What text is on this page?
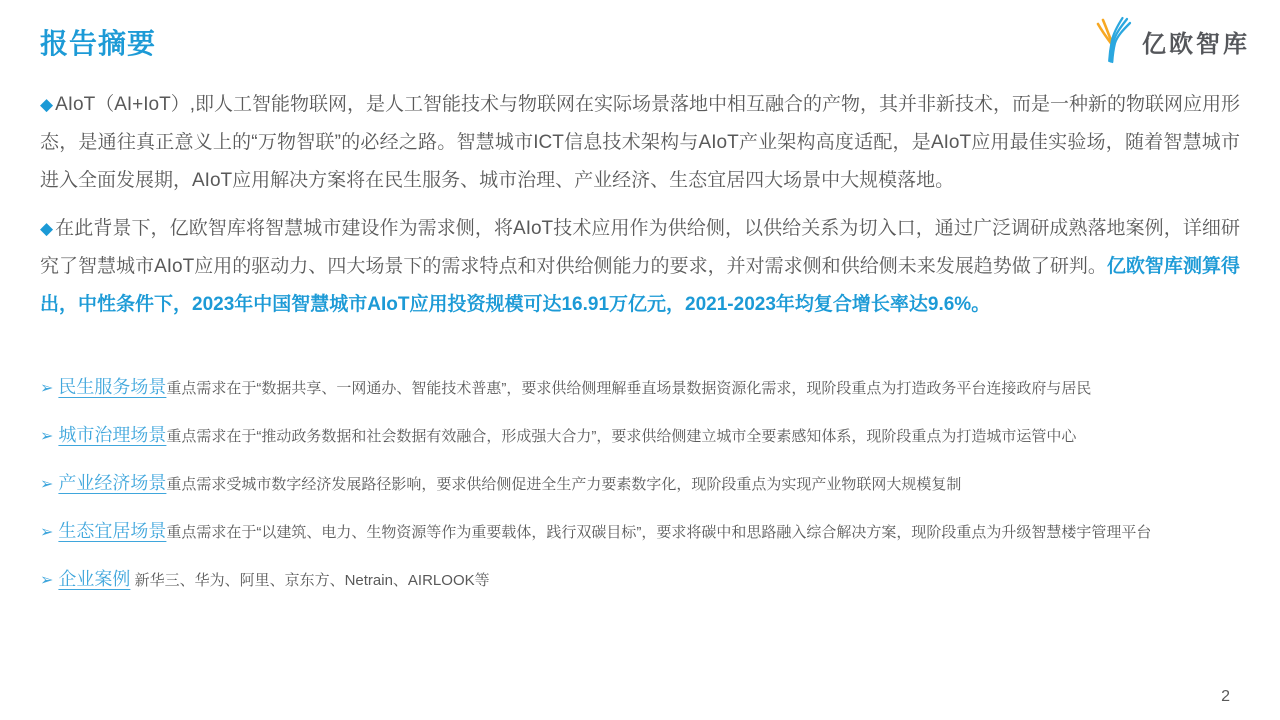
报告摘要	亿欧智库

◆ AIoT（AI+IoT）,即人工智能物联网，是人工智能技术与物联网在实际场景落地中相互融合的产物，其并非新技术，而是一种新的物联网应用形态，是通往真正意义上的“万物智联”的必经之路。智慧城市ICT信息技术架构与AIoT产业架构高度适配，是AIoT应用最佳实验场，随着智慧城市进入全面发展期，AIoT应用解决方案将在民生服务、城市治理、产业经济、生态宜居四大场景中大规模落地。

◆ 在此背景下，亿欧智库将智慧城市建设作为需求侧，将AIoT技术应用作为供给侧，以供给关系为切入口，通过广泛调研成熟落地案例，详细研究了智慧城市AIoT应用的驱动力、四大场景下的需求特点和对供给侧能力的要求，并对需求侧和供给侧未来发展趋势做了研判。亿欧智库测算得出，中性条件下，2023年中国智慧城市AIoT应用投资规模可达16.91万亿元，2021-2023年均复合增长率达9.6%。

➢ 民生服务场景重点需求在于“数据共享、一网通办、智能技术普惠”，要求供给侧理解垂直场景数据资源化需求，现阶段重点为打造政务平台连接政府与居民
➢ 城市治理场景重点需求在于“推动政务数据和社会数据有效融合，形成强大合力”，要求供给侧建立城市全要素感知体系，现阶段重点为打造城市运管中心
➢ 产业经济场景重点需求受城市数字经济发展路径影响，要求供给侧促进全生产力要素数字化，现阶段重点为实现产业物联网大规模复制
➢ 生态宜居场景重点需求在于“以建筑、电力、生物资源等作为重要载体，践行双碳目标”，要求将碳中和思路融入综合解决方案，现阶段重点为升级智慧楼宇管理平台
➢ 企业案例 新华三、华为、阿里、京东方、Netrain、AIRLOOK等
2
